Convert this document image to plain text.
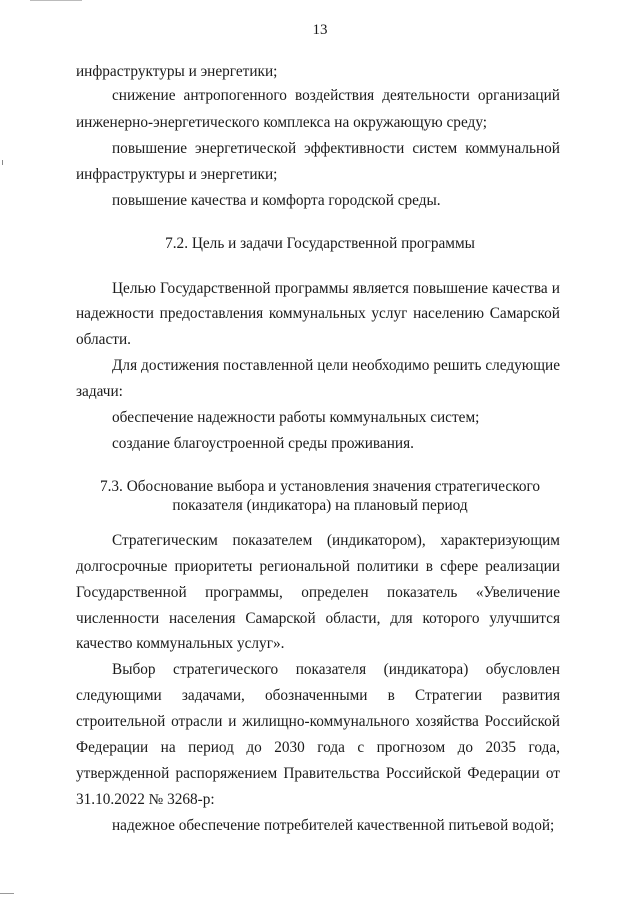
13
инфраструктуры и энергетики;
снижение антропогенного воздействия деятельности организаций
инженерно-энергетического комплекса на окружающую среду;
повышение энергетической эффективности систем коммунальной
инфраструктуры и энергетики;
повышение качества и комфорта городской среды.
7.2. Цель и задачи Государственной программы
Целью Государственной программы является повышение качества и
надежности предоставления коммунальных услуг населению Самарской
области.
Для достижения поставленной цели необходимо решить следующие
задачи:
обеспечение надежности работы коммунальных систем;
создание благоустроенной среды проживания.
7.3. Обоснование выбора и установления значения стратегического
показателя (индикатора) на плановый период
Стратегическим показателем (индикатором), характеризующим
долгосрочные приоритеты региональной политики в сфере реализации
Государственной программы, определен показатель «Увеличение
численности населения Самарской области, для которого улучшится
качество коммунальных услуг».
Выбор стратегического показателя (индикатора) обусловлен
следующими задачами, обозначенными в Стратегии развития
строительной отрасли и жилищно-коммунального хозяйства Российской
Федерации на период до 2030 года с прогнозом до 2035 года,
утвержденной распоряжением Правительства Российской Федерации от
31.10.2022 № 3268-р:
надежное обеспечение потребителей качественной питьевой водой;
